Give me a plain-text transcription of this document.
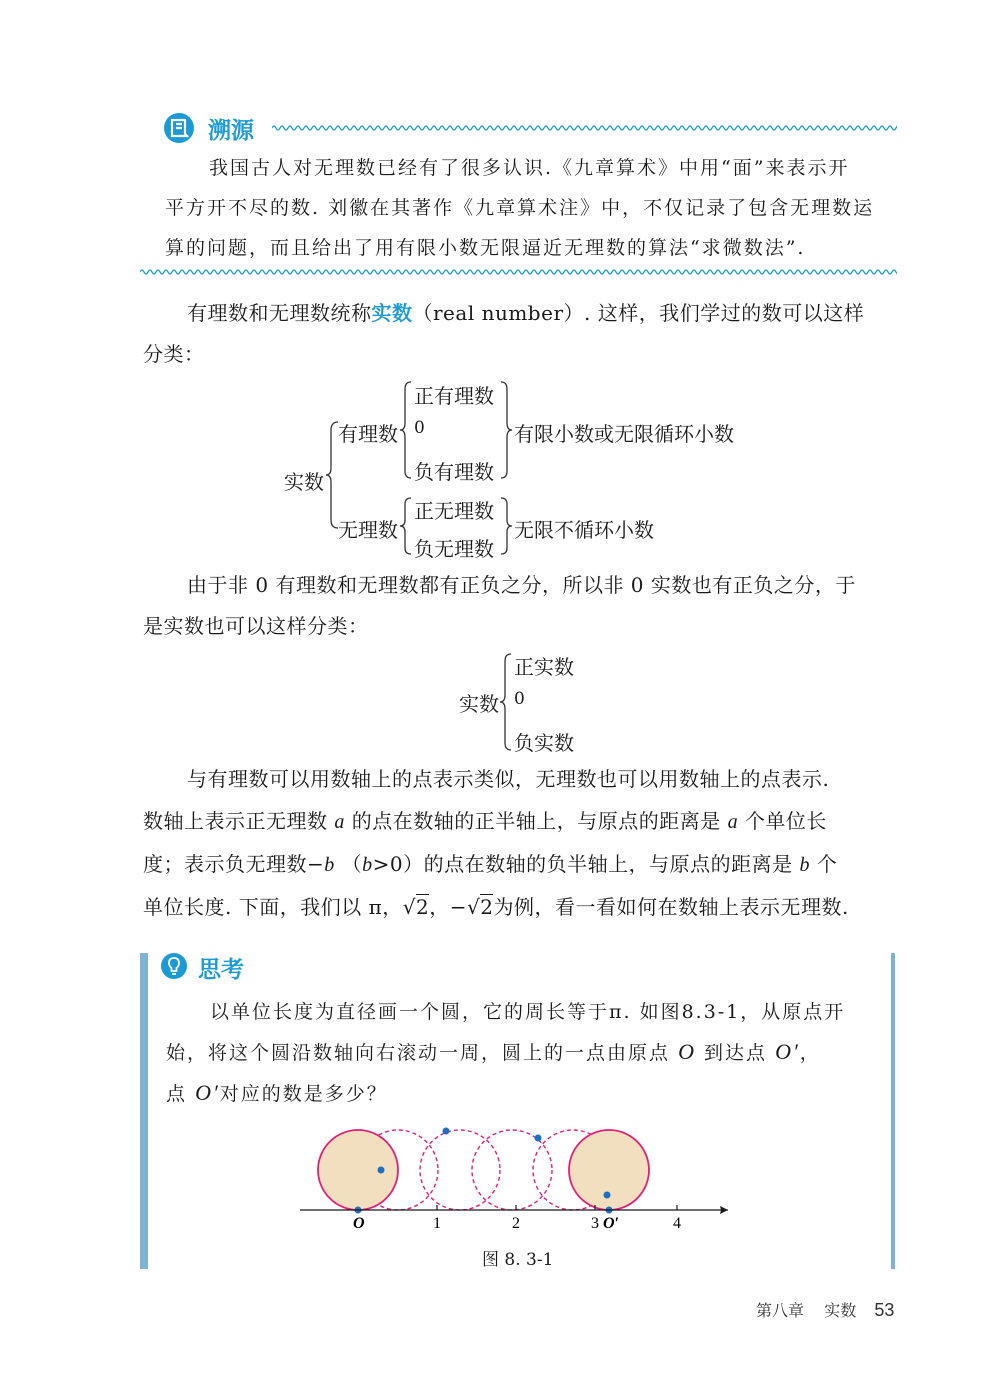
溯源
我国古人对无理数已经有了很多认识.《九章算术》中用“面”来表示开
平方开不尽的数. 刘徽在其著作《九章算术注》中，不仅记录了包含无理数运
算的问题，而且给出了用有限小数无限逼近无理数的算法“求微数法”.
有理数和无理数统称实数（real number）. 这样，我们学过的数可以这样
分类：
实数
有理数
正有理数
0
负有理数
有限小数或无限循环小数
无理数
正无理数
负无理数
无限不循环小数
由于非 0 有理数和无理数都有正负之分，所以非 0 实数也有正负之分，于
是实数也可以这样分类：
实数
正实数
0
负实数
与有理数可以用数轴上的点表示类似，无理数也可以用数轴上的点表示.
数轴上表示正无理数 a 的点在数轴的正半轴上，与原点的距离是 a 个单位长
度；表示负无理数−b （b>0）的点在数轴的负半轴上，与原点的距离是 b 个
单位长度. 下面，我们以 π，√2，−√2为例，看一看如何在数轴上表示无理数.
思考
以单位长度为直径画一个圆，它的周长等于π. 如图8.3-1，从原点开
始，将这个圆沿数轴向右滚动一周，圆上的一点由原点 O 到达点 O′，
点 O′对应的数是多少？
O	1	2	3 O′	4
图 8. 3-1
第八章 实数 53
